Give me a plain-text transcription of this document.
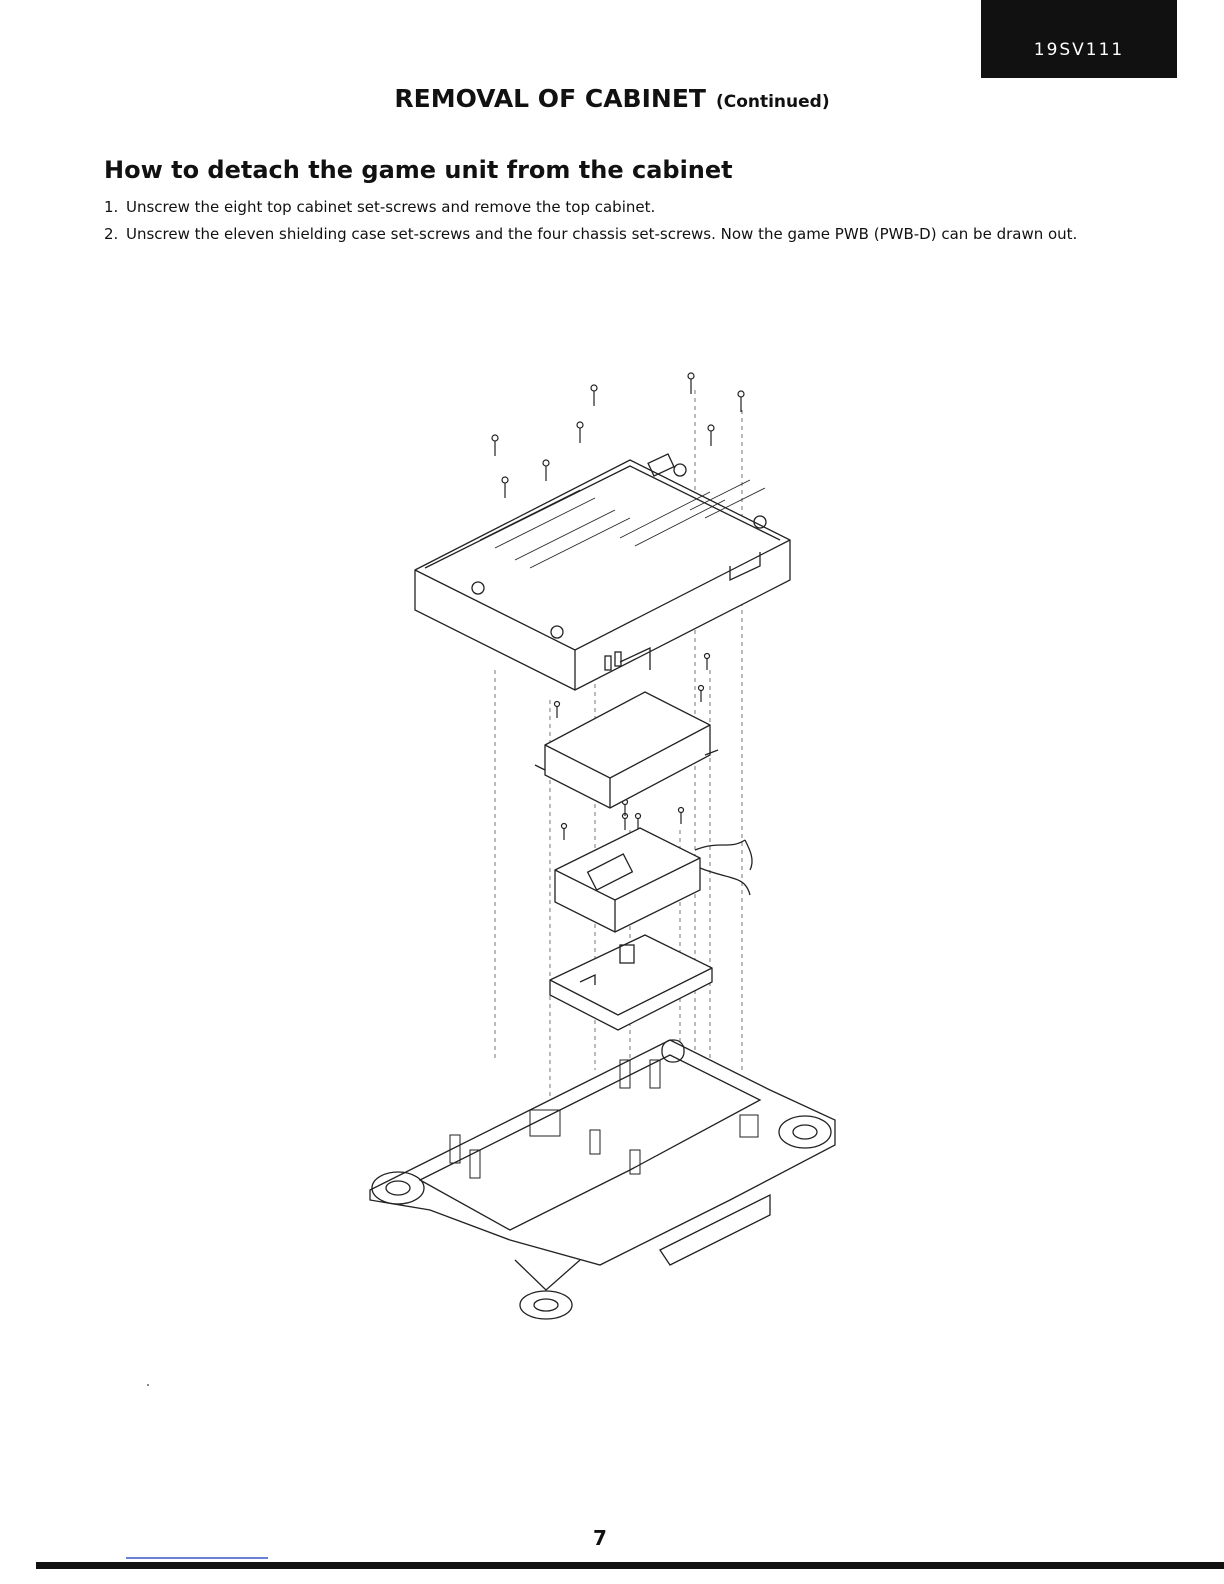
19SV111
REMOVAL OF CABINET (Continued)
How to detach the game unit from the cabinet
1. Unscrew the eight top cabinet set-screws and remove the top cabinet.
2. Unscrew the eleven shielding case set-screws and the four chassis set-screws. Now the game PWB (PWB-D) can be drawn out.
7
